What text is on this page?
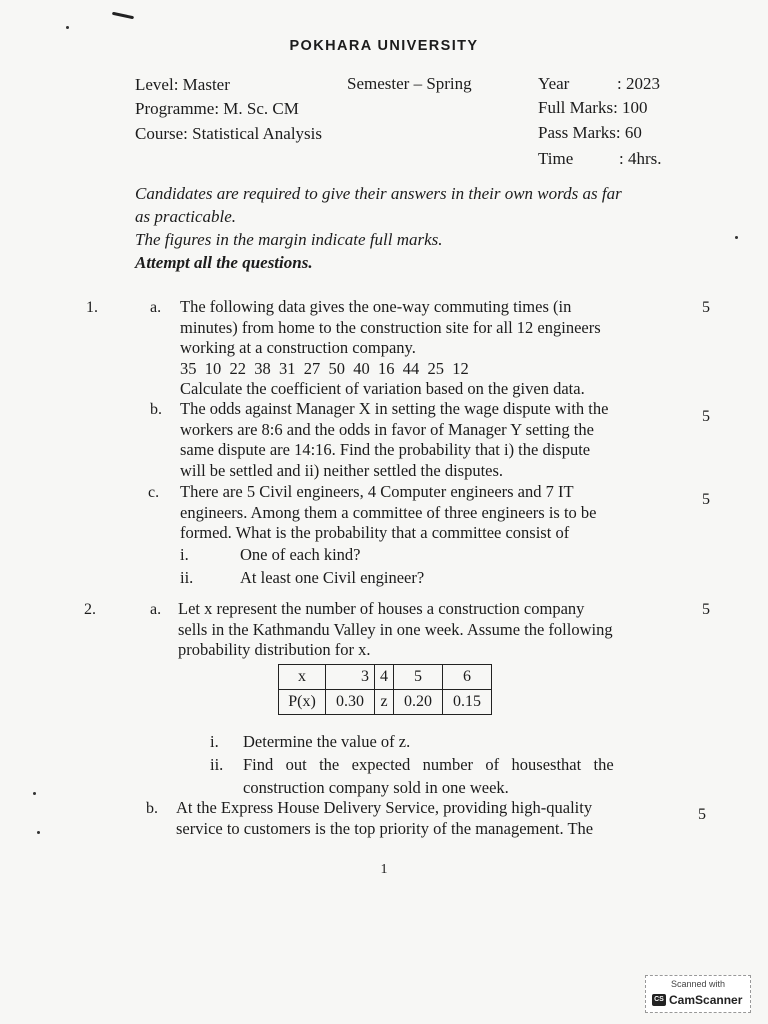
POKHARA UNIVERSITY
Level: Master
Programme: M. Sc. CM
Course: Statistical Analysis
Semester – Spring	Year	: 2023
Full Marks: 100
Pass Marks: 60
Time	: 4hrs.
Candidates are required to give their answers in their own words as far
as practicable.
The figures in the margin indicate full marks.
Attempt all the questions.
1.	a. The following data gives the one-way commuting times (in
minutes) from home to the construction site for all 12 engineers
working at a construction company.
35  10  22  38  31  27  50  40  16  44  25  12
Calculate the coefficient of variation based on the given data.
5
b. The odds against Manager X in setting the wage dispute with the
workers are 8:6 and the odds in favor of Manager Y setting the
same dispute are 14:16. Find the probability that i) the dispute
will be settled and ii) neither settled the disputes.
5
c. There are 5 Civil engineers, 4 Computer engineers and 7 IT
engineers. Among them a committee of three engineers is to be
formed. What is the probability that a committee consist of
i.	One of each kind?
ii.	At least one Civil engineer?
5
2.	a. Let x represent the number of houses a construction company
sells in the Kathmandu Valley in one week. Assume the following
probability distribution for x.
5
x	3	4	5	6
P(x)	0.30	z	0.20	0.15
i. Determine the value of z.
ii. Find   out   the   expected   number   of   housesthat   the
construction company sold in one week.
b. At the Express House Delivery Service, providing high-quality
service to customers is the top priority of the management. The
5
1
Scanned with
CS CamScanner
